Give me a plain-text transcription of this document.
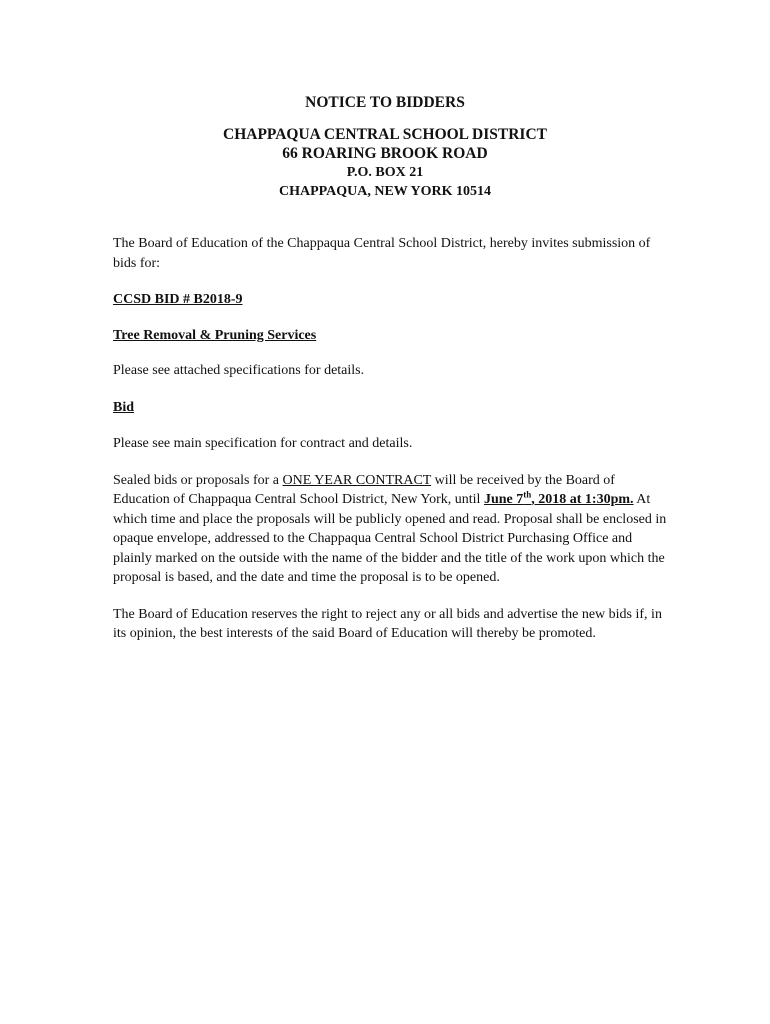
NOTICE TO BIDDERS
CHAPPAQUA CENTRAL SCHOOL DISTRICT
66 ROARING BROOK ROAD
P.O. BOX 21
CHAPPAQUA, NEW YORK 10514

The Board of Education of the Chappaqua Central School District, hereby invites submission of bids for:

CCSD BID # B2018-9

Tree Removal & Pruning Services

Please see attached specifications for details.

Bid

Please see main specification for contract and details.

Sealed bids or proposals for a ONE YEAR CONTRACT will be received by the Board of Education of Chappaqua Central School District, New York, until June 7th, 2018 at 1:30pm. At which time and place the proposals will be publicly opened and read. Proposal shall be enclosed in opaque envelope, addressed to the Chappaqua Central School District Purchasing Office and plainly marked on the outside with the name of the bidder and the title of the work upon which the proposal is based, and the date and time the proposal is to be opened.

The Board of Education reserves the right to reject any or all bids and advertise the new bids if, in its opinion, the best interests of the said Board of Education will thereby be promoted.
